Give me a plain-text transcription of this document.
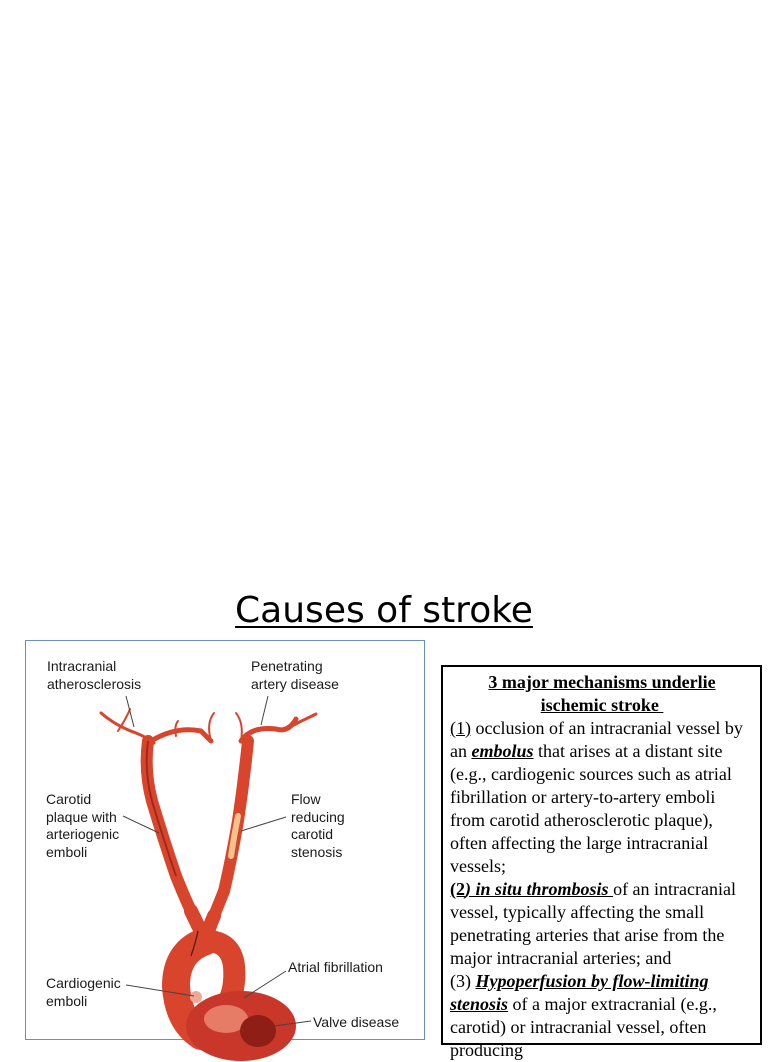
Causes of stroke
Intracranial
atherosclerosis
Penetrating
artery disease
Carotid
plaque with
arteriogenic
emboli
Flow
reducing
carotid
stenosis
Atrial fibrillation
Cardiogenic
emboli
Valve disease
3 major mechanisms underlie
ischemic stroke

(1) occlusion of an intracranial vessel by an embolus that arises at a distant site (e.g., cardiogenic sources such as atrial fibrillation or artery-to-artery emboli from carotid atherosclerotic plaque), often affecting the large intracranial vessels;

(2) in situ thrombosis of an intracranial vessel, typically affecting the small penetrating arteries that arise from the major intracranial arteries; and

(3) Hypoperfusion by flow-limiting
stenosis of a major extracranial (e.g., carotid) or intracranial vessel, often producing
